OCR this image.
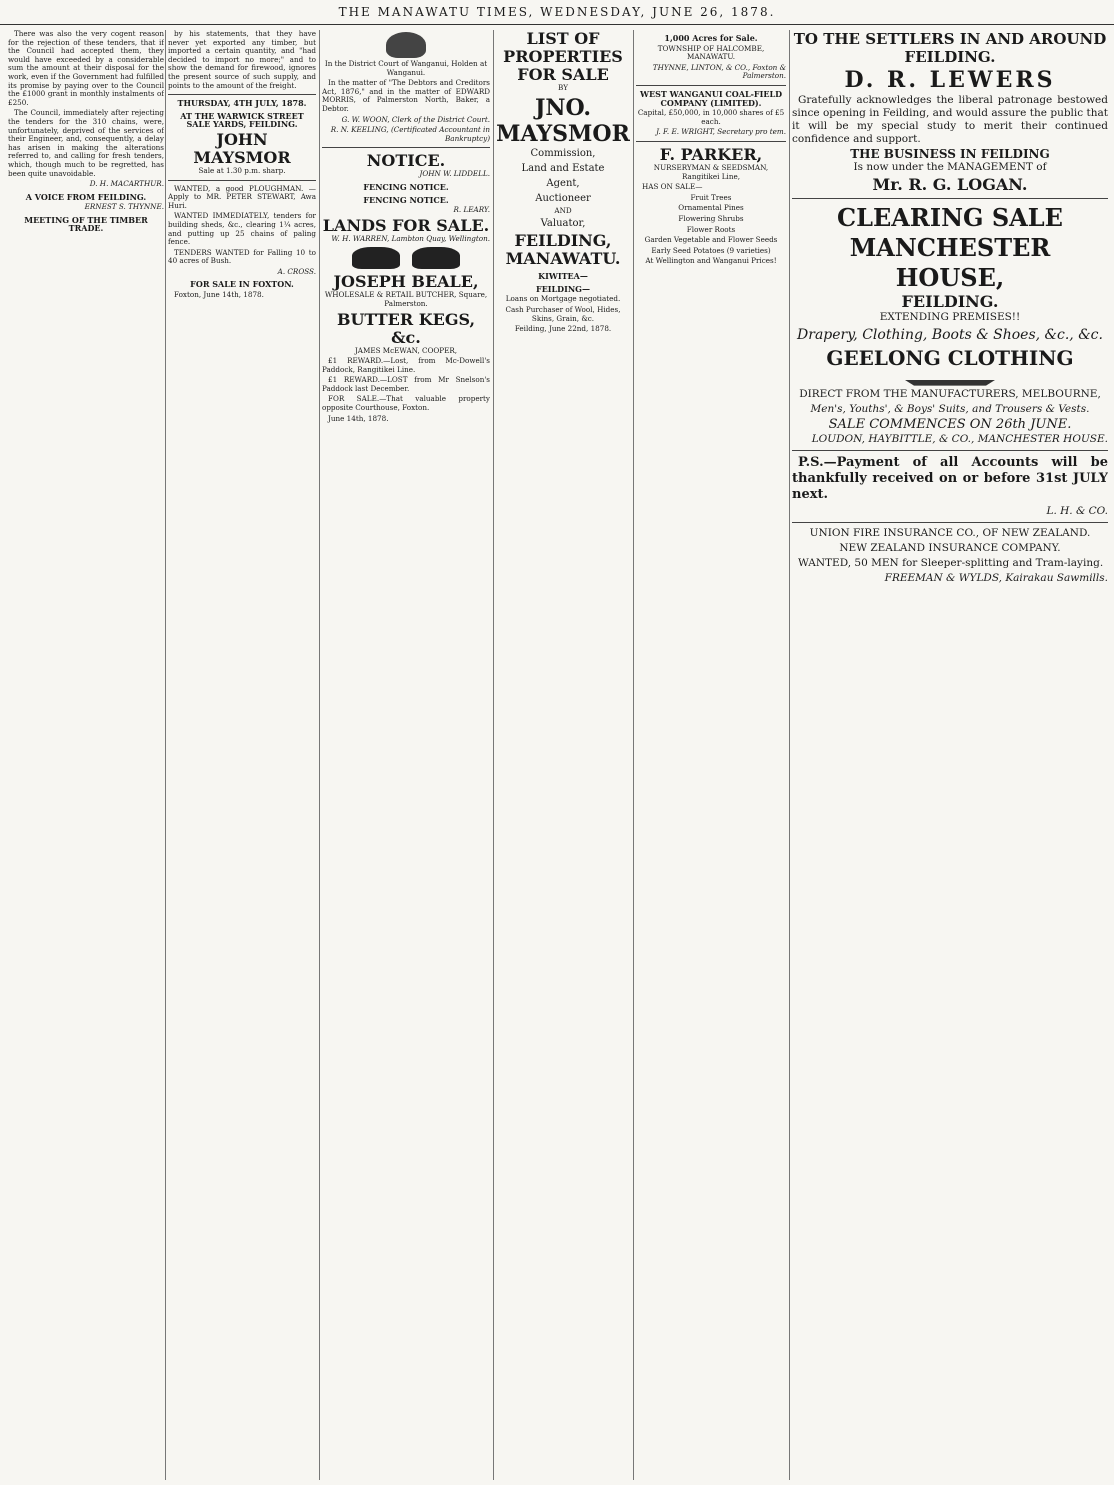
THE MANAWATU TIMES, WEDNESDAY, JUNE 26, 1878.

There was also the very cogent reason for the rejection of these tenders, that if the Council had accepted them, they would have exceeded by a considerable sum the amount at their disposal for the work, even if the Government had fulfilled its promise by paying over to the Council the £1000 grant in monthly instalments of £250.

The Council, immediately after rejecting the tenders for the 310 chains, were, unfortunately, deprived of the services of their Engineer, and, consequently, a delay has arisen in making the alterations referred to, and calling for fresh tenders, which, though much to be regretted, has been quite unavoidable.

D. H. MACARTHUR.

A VOICE FROM FEILDING.

ERNEST S. THYNNE.

MEETING OF THE TIMBER TRADE.

by his statements, that they have never yet exported any timber, but imported a certain quantity, and "had decided to import no more;" and to show the demand for firewood, ignores the present source of such supply, and points to the amount of the freight.

THURSDAY, 4TH JULY, 1878.
AT THE WARWICK STREET SALE YARDS, FEILDING.
JOHN MAYSMOR

Sale at 1.30 p.m. sharp.

WANTED, a good PLOUGHMAN. —Apply to MR. PETER STEWART, Awa Huri.

WANTED IMMEDIATELY, tenders for building sheds, &c., clearing 1¼ acres, and putting up 25 chains of paling fence.

TENDERS WANTED for Falling 10 to 40 acres of Bush.

A. CROSS.

FOR SALE IN FOXTON.

Foxton, June 14th, 1878.

In the District Court of Wanganui, Holden at Wanganui.

In the matter of "The Debtors and Creditors Act, 1876," and in the matter of EDWARD MORRIS, of Palmerston North, Baker, a Debtor.

G. W. WOON, Clerk of the District Court.

R. N. KEELING, (Certificated Accountant in Bankruptcy)

NOTICE.

JOHN W. LIDDELL.

FENCING NOTICE.
FENCING NOTICE.

R. LEARY.

LANDS FOR SALE.

W. H. WARREN, Lambton Quay, Wellington.

JOSEPH BEALE,

WHOLESALE & RETAIL BUTCHER, Square, Palmerston.

BUTTER KEGS, &c.

JAMES McEWAN, COOPER,

£1 REWARD.—Lost, from Mc-Dowell's Paddock, Rangitikei Line.

£1 REWARD.—LOST from Mr Snelson's Paddock last December.

FOR SALE.—That valuable property opposite Courthouse, Foxton.

June 14th, 1878.

LIST OF PROPERTIES
FOR SALE

BY

JNO. MAYSMOR

Commission,

Land and Estate

Agent,

Auctioneer

AND

Valuator,

FEILDING, MANAWATU.
KIWITEA—
FEILDING—

Loans on Mortgage negotiated.

Cash Purchaser of Wool, Hides, Skins, Grain, &c.

Feilding, June 22nd, 1878.

1,000 Acres for Sale.

TOWNSHIP OF HALCOMBE, MANAWATU.

THYNNE, LINTON, & CO., Foxton & Palmerston.

WEST WANGANUI COAL-FIELD COMPANY (LIMITED).

Capital, £50,000, in 10,000 shares of £5 each.

J. F. E. WRIGHT, Secretary pro tem.

F. PARKER,

NURSERYMAN & SEEDSMAN, Rangitikei Line,

HAS ON SALE—

Fruit Trees

Ornamental Pines

Flowering Shrubs

Flower Roots

Garden Vegetable and Flower Seeds

Early Seed Potatoes (9 varieties)

At Wellington and Wanganui Prices!

TO THE SETTLERS IN AND AROUND FEILDING.
D. R. LEWERS

Gratefully acknowledges the liberal patronage bestowed since opening in Feilding, and would assure the public that it will be my special study to merit their continued confidence and support.

THE BUSINESS IN FEILDING

Is now under the MANAGEMENT of

Mr. R. G. LOGAN.
CLEARING SALE
MANCHESTER HOUSE,
FEILDING.

EXTENDING PREMISES!!

Drapery, Clothing, Boots & Shoes, &c., &c.

GEELONG CLOTHING

DIRECT FROM THE MANUFACTURERS, MELBOURNE,

Men's, Youths', & Boys' Suits, and Trousers & Vests.

SALE COMMENCES ON 26th JUNE.

LOUDON, HAYBITTLE, & CO., MANCHESTER HOUSE.

P.S.—Payment of all Accounts will be thankfully received on or before 31st JULY next.

L. H. & CO.

UNION FIRE INSURANCE CO., OF NEW ZEALAND.

NEW ZEALAND INSURANCE COMPANY.

WANTED, 50 MEN for Sleeper-splitting and Tram-laying.

FREEMAN & WYLDS, Kairakau Sawmills.
